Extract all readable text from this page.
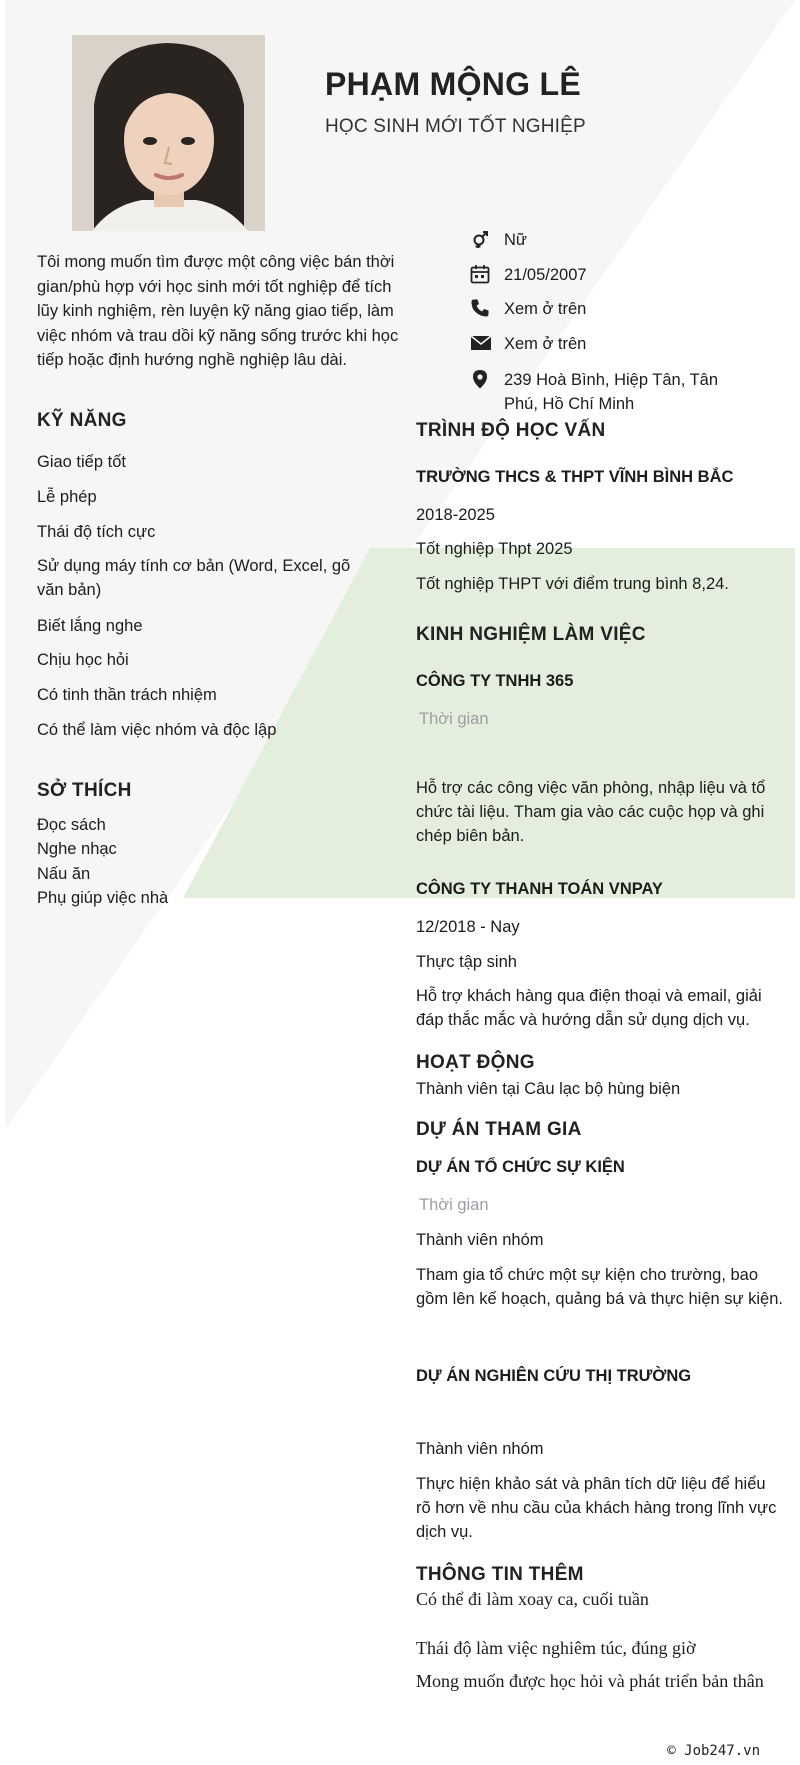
PHẠM MỘNG LÊ
HỌC SINH MỚI TỐT NGHIỆP

Tôi mong muốn tìm được một công việc bán thời gian/phù hợp với học sinh mới tốt nghiệp để tích lũy kinh nghiệm, rèn luyện kỹ năng giao tiếp, làm việc nhóm và trau dồi kỹ năng sống trước khi học tiếp hoặc định hướng nghề nghiệp lâu dài.

Nữ
21/05/2007
Xem ở trên
Xem ở trên
239 Hoà Bình, Hiệp Tân, Tân Phú, Hồ Chí Minh
KỸ NĂNG
Giao tiếp tốt
Lễ phép
Thái độ tích cực
Sử dụng máy tính cơ bản (Word, Excel, gõ văn bản)
Biết lắng nghe
Chịu học hỏi
Có tinh thần trách nhiệm
Có thể làm việc nhóm và độc lập
SỞ THÍCH
Đọc sách
Nghe nhạc
Nấu ăn
Phụ giúp việc nhà
TRÌNH ĐỘ HỌC VẤN
TRƯỜNG THCS & THPT VĨNH BÌNH BẮC
2018-2025
Tốt nghiệp Thpt 2025
Tốt nghiệp THPT với điểm trung bình 8,24.
KINH NGHIỆM LÀM VIỆC
CÔNG TY TNHH 365
Thời gian
Hỗ trợ các công việc văn phòng, nhập liệu và tổ chức tài liệu. Tham gia vào các cuộc họp và ghi chép biên bản.
CÔNG TY THANH TOÁN VNPAY
12/2018 - Nay
Thực tập sinh
Hỗ trợ khách hàng qua điện thoại và email, giải đáp thắc mắc và hướng dẫn sử dụng dịch vụ.
HOẠT ĐỘNG
Thành viên tại Câu lạc bộ hùng biện
DỰ ÁN THAM GIA
DỰ ÁN TỔ CHỨC SỰ KIỆN
Thời gian
Thành viên nhóm
Tham gia tổ chức một sự kiện cho trường, bao gồm lên kế hoạch, quảng bá và thực hiện sự kiện.
DỰ ÁN NGHIÊN CỨU THỊ TRƯỜNG
Thành viên nhóm
Thực hiện khảo sát và phân tích dữ liệu để hiểu rõ hơn về nhu cầu của khách hàng trong lĩnh vực dịch vụ.
THÔNG TIN THÊM
Có thể đi làm xoay ca, cuối tuần
Thái độ làm việc nghiêm túc, đúng giờ
Mong muốn được học hỏi và phát triển bản thân
© Job247.vn
